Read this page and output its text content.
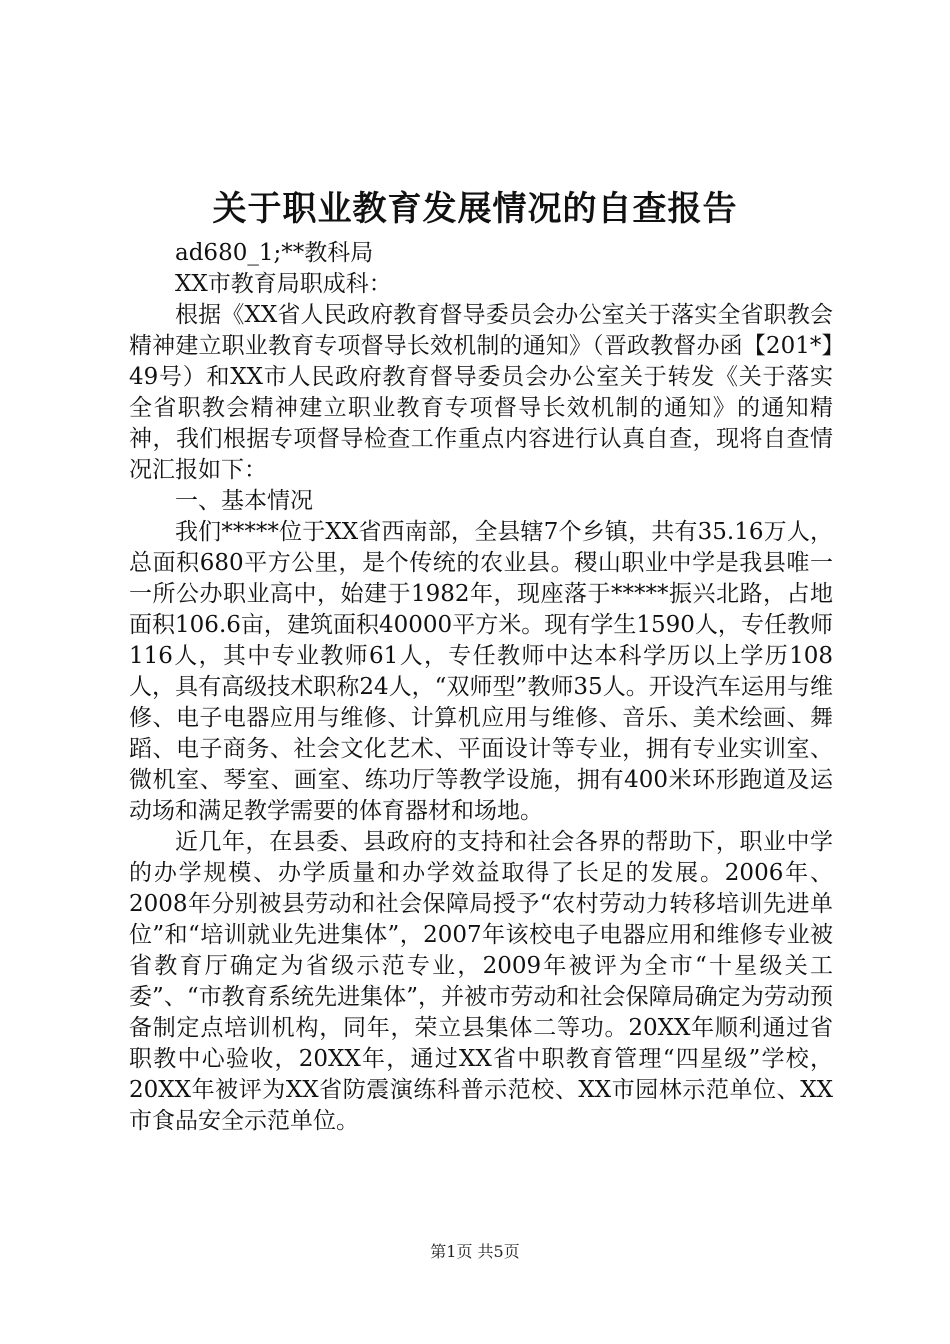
关于职业教育发展情况的自查报告

ad680_1;**教科局

XX市教育局职成科：

根据《XX省人民政府教育督导委员会办公室关于落实全省职教会精神建立职业教育专项督导长效机制的通知》（晋政教督办函【201*】49号）和XX市人民政府教育督导委员会办公室关于转发《关于落实全省职教会精神建立职业教育专项督导长效机制的通知》的通知精神，我们根据专项督导检查工作重点内容进行认真自查，现将自查情况汇报如下：

一、基本情况

我们*****位于XX省西南部，全县辖7个乡镇，共有35.16万人，总面积680平方公里，是个传统的农业县。稷山职业中学是我县唯一一所公办职业高中，始建于1982年，现座落于*****振兴北路，占地面积106.6亩，建筑面积40000平方米。现有学生1590人，专任教师116人，其中专业教师61人，专任教师中达本科学历以上学历108人，具有高级技术职称24人，“双师型”教师35人。开设汽车运用与维修、电子电器应用与维修、计算机应用与维修、音乐、美术绘画、舞蹈、电子商务、社会文化艺术、平面设计等专业，拥有专业实训室、微机室、琴室、画室、练功厅等教学设施，拥有400米环形跑道及运动场和满足教学需要的体育器材和场地。

近几年，在县委、县政府的支持和社会各界的帮助下，职业中学的办学规模、办学质量和办学效益取得了长足的发展。2006年、2008年分别被县劳动和社会保障局授予“农村劳动力转移培训先进单位”和“培训就业先进集体”，2007年该校电子电器应用和维修专业被省教育厅确定为省级示范专业，2009年被评为全市“十星级关工委”、“市教育系统先进集体”，并被市劳动和社会保障局确定为劳动预备制定点培训机构，同年，荣立县集体二等功。20XX年顺利通过省职教中心验收，20XX年，通过XX省中职教育管理“四星级”学校，20XX年被评为XX省防震演练科普示范校、XX市园林示范单位、XX市食品安全示范单位。

第1页 共5页
